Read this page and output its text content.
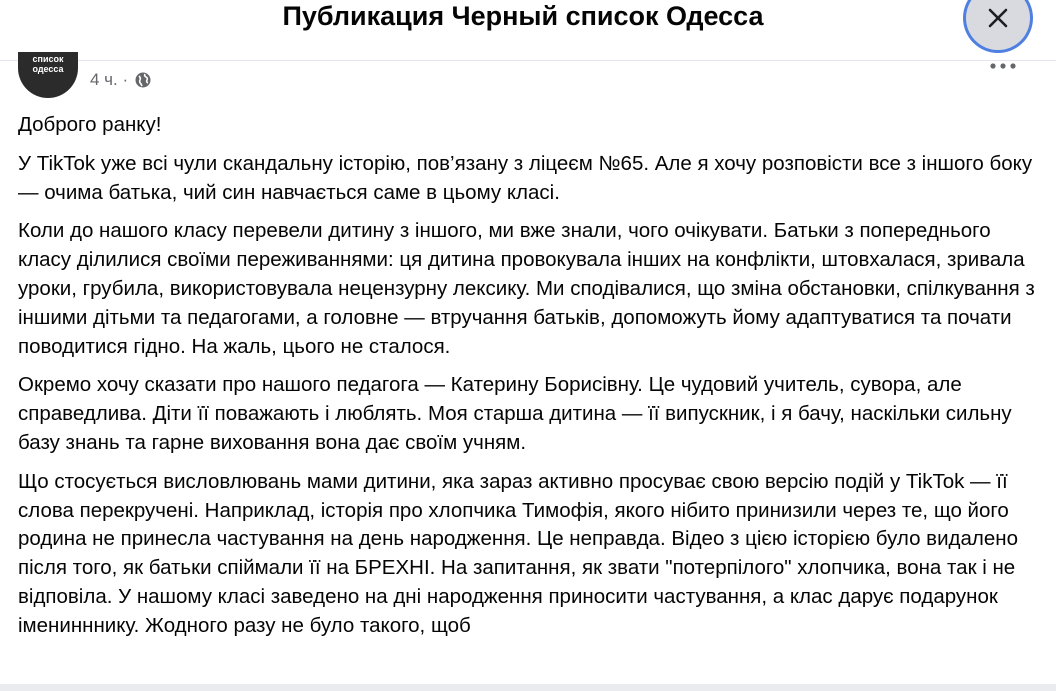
Публикация Черный список Одесса
список
одесса
4 ч. ·

Доброго ранку!

У TikTok уже всі чули скандальну історію, пов’язану з ліцеєм №65. Але я хочу розповісти все з іншого боку — очима батька, чий син навчається саме в цьому класі.

Коли до нашого класу перевели дитину з іншого, ми вже знали, чого очікувати. Батьки з попереднього класу ділилися своїми переживаннями: ця дитина провокувала інших на конфлікти, штовхалася, зривала уроки, грубила, використовувала нецензурну лексику. Ми сподівалися, що зміна обстановки, спілкування з іншими дітьми та педагогами, а головне — втручання батьків, допоможуть йому адаптуватися та почати поводитися гідно. На жаль, цього не сталося.

Окремо хочу сказати про нашого педагога — Катерину Борисівну. Це чудовий учитель, сувора, але справедлива. Діти її поважають і люблять. Моя старша дитина — її випускник, і я бачу, наскільки сильну базу знань та гарне виховання вона дає своїм учням.

Що стосується висловлювань мами дитини, яка зараз активно просуває свою версію подій у TikTok — її слова перекручені. Наприклад, історія про хлопчика Тимофія, якого нібито принизили через те, що його родина не принесла частування на день народження. Це неправда. Відео з цією історією було видалено після того, як батьки спіймали її на БРЕХНІ. На запитання, як звати "потерпілого" хлопчика, вона так і не відповіла. У нашому класі заведено на дні народження приносити частування, а клас дарує подарунок іменинннику. Жодного разу не було такого, щоб
